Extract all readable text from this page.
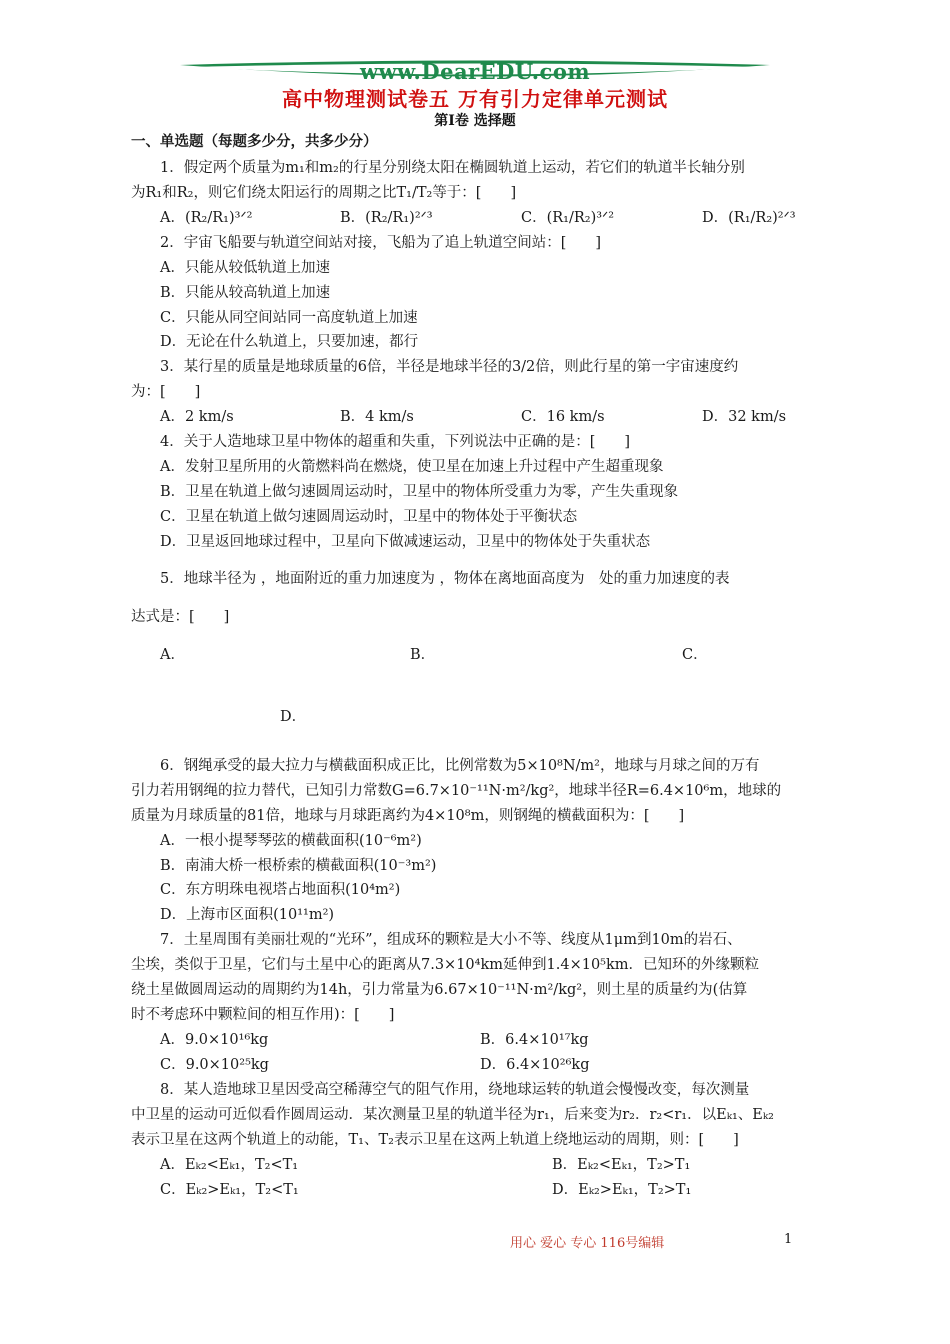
www.DearEDU.com
高中物理测试卷五 万有引力定律单元测试
第Ⅰ卷 选择题
一、单选题（每题多少分，共多少分）
1．假定两个质量为m₁和m₂的行星分别绕太阳在椭圆轨道上运动，若它们的轨道半长轴分别
为R₁和R₂，则它们绕太阳运行的周期之比T₁/T₂等于：[　　]
A．(R₂/R₁)³ᐟ²	B．(R₂/R₁)²ᐟ³	C．(R₁/R₂)³ᐟ²	D．(R₁/R₂)²ᐟ³
2．宇宙飞船要与轨道空间站对接，飞船为了追上轨道空间站：[　　]
A．只能从较低轨道上加速
B．只能从较高轨道上加速
C．只能从同空间站同一高度轨道上加速
D．无论在什么轨道上，只要加速，都行
3．某行星的质量是地球质量的6倍，半径是地球半径的3/2倍，则此行星的第一宇宙速度约
为：[　　]
A．2 km/s	B．4 km/s	C．16 km/s	D．32 km/s
4．关于人造地球卫星中物体的超重和失重，下列说法中正确的是：[　　]
A．发射卫星所用的火箭燃料尚在燃烧，使卫星在加速上升过程中产生超重现象
B．卫星在轨道上做匀速圆周运动时，卫星中的物体所受重力为零，产生失重现象
C．卫星在轨道上做匀速圆周运动时，卫星中的物体处于平衡状态
D．卫星返回地球过程中，卫星向下做减速运动，卫星中的物体处于失重状态
5．地球半径为 ，地面附近的重力加速度为 ，物体在离地面高度为　处的重力加速度的表
达式是：[　　]
A．	B．	C．
D．
6．钢绳承受的最大拉力与横截面积成正比，比例常数为5×10⁸N/m²，地球与月球之间的万有
引力若用钢绳的拉力替代，已知引力常数G=6.7×10⁻¹¹N·m²/kg²，地球半径R=6.4×10⁶m，地球的
质量为月球质量的81倍，地球与月球距离约为4×10⁸m，则钢绳的横截面积为：[　　]
A．一根小提琴琴弦的横截面积(10⁻⁶m²)
B．南浦大桥一根桥索的横截面积(10⁻³m²)
C．东方明珠电视塔占地面积(10⁴m²)
D．上海市区面积(10¹¹m²)
7．土星周围有美丽壮观的“光环”，组成环的颗粒是大小不等、线度从1μm到10m的岩石、
尘埃，类似于卫星，它们与土星中心的距离从7.3×10⁴km延伸到1.4×10⁵km．已知环的外缘颗粒
绕土星做圆周运动的周期约为14h，引力常量为6.67×10⁻¹¹N·m²/kg²，则土星的质量约为(估算
时不考虑环中颗粒间的相互作用)：[　　]
A．9.0×10¹⁶kg	B．6.4×10¹⁷kg
C．9.0×10²⁵kg	D．6.4×10²⁶kg
8．某人造地球卫星因受高空稀薄空气的阻气作用，绕地球运转的轨道会慢慢改变，每次测量
中卫星的运动可近似看作圆周运动．某次测量卫星的轨道半径为r₁，后来变为r₂．r₂<r₁．以Eₖ₁、Eₖ₂
表示卫星在这两个轨道上的动能，T₁、T₂表示卫星在这两上轨道上绕地运动的周期，则：[　　]
A．Eₖ₂<Eₖ₁，T₂<T₁	B．Eₖ₂<Eₖ₁，T₂>T₁
C．Eₖ₂>Eₖ₁，T₂<T₁	D．Eₖ₂>Eₖ₁，T₂>T₁
用心 爱心 专心 116号编辑	1
